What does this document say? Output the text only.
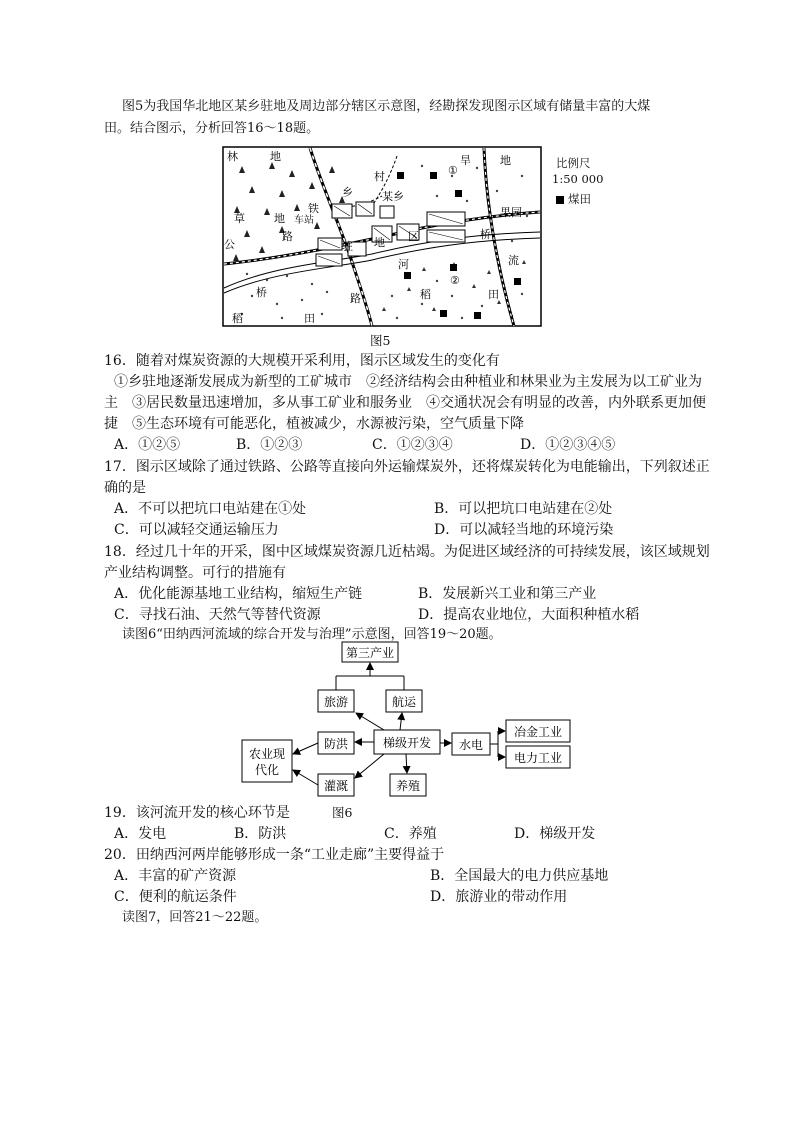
图5为我国华北地区某乡驻地及周边部分辖区示意图，经勘探发现图示区域有储量丰富的大煤
田。结合图示，分析回答16～18题。
林	地
草	地
公
路
车站
铁
乡
村
某乡
驻 地 区
河
桥
桥
路
稻	田
稻	田
旱	地
果园
流
①
②
比例尺
1:50 000
煤田
图5
16．随着对煤炭资源的大规模开采利用，图示区域发生的变化有
①乡驻地逐渐发展成为新型的工矿城市　②经济结构会由种植业和林果业为主发展为以工矿业为
主　③居民数量迅速增加，多从事工矿业和服务业　④交通状况会有明显的改善，内外联系更加便
捷　⑤生态环境有可能恶化，植被减少，水源被污染，空气质量下降
A．①②⑤	B．①②③	C．①②③④	D．①②③④⑤
17．图示区域除了通过铁路、公路等直接向外运输煤炭外，还将煤炭转化为电能输出，下列叙述正
确的是
A．不可以把坑口电站建在①处	B．可以把坑口电站建在②处
C．可以减轻交通运输压力	D．可以减轻当地的环境污染
18．经过几十年的开采，图中区域煤炭资源几近枯竭。为促进区域经济的可持续发展，该区域规划
产业结构调整。可行的措施有
A．优化能源基地工业结构，缩短生产链	B．发展新兴工业和第三产业
C．寻找石油、天然气等替代资源	D．提高农业地位，大面积种植水稻
读图6“田纳西河流域的综合开发与治理”示意图，回答19～20题。
第三产业
旅游	航运
防洪	梯级开发 水电
冶金工业
电力工业
农业现
代化
灌溉	养殖
19．该河流开发的核心环节是	图6
A．发电	B．防洪	C．养殖	D．梯级开发
20．田纳西河两岸能够形成一条“工业走廊”主要得益于
A．丰富的矿产资源	B．全国最大的电力供应基地
C．便利的航运条件	D．旅游业的带动作用
读图7，回答21～22题。
